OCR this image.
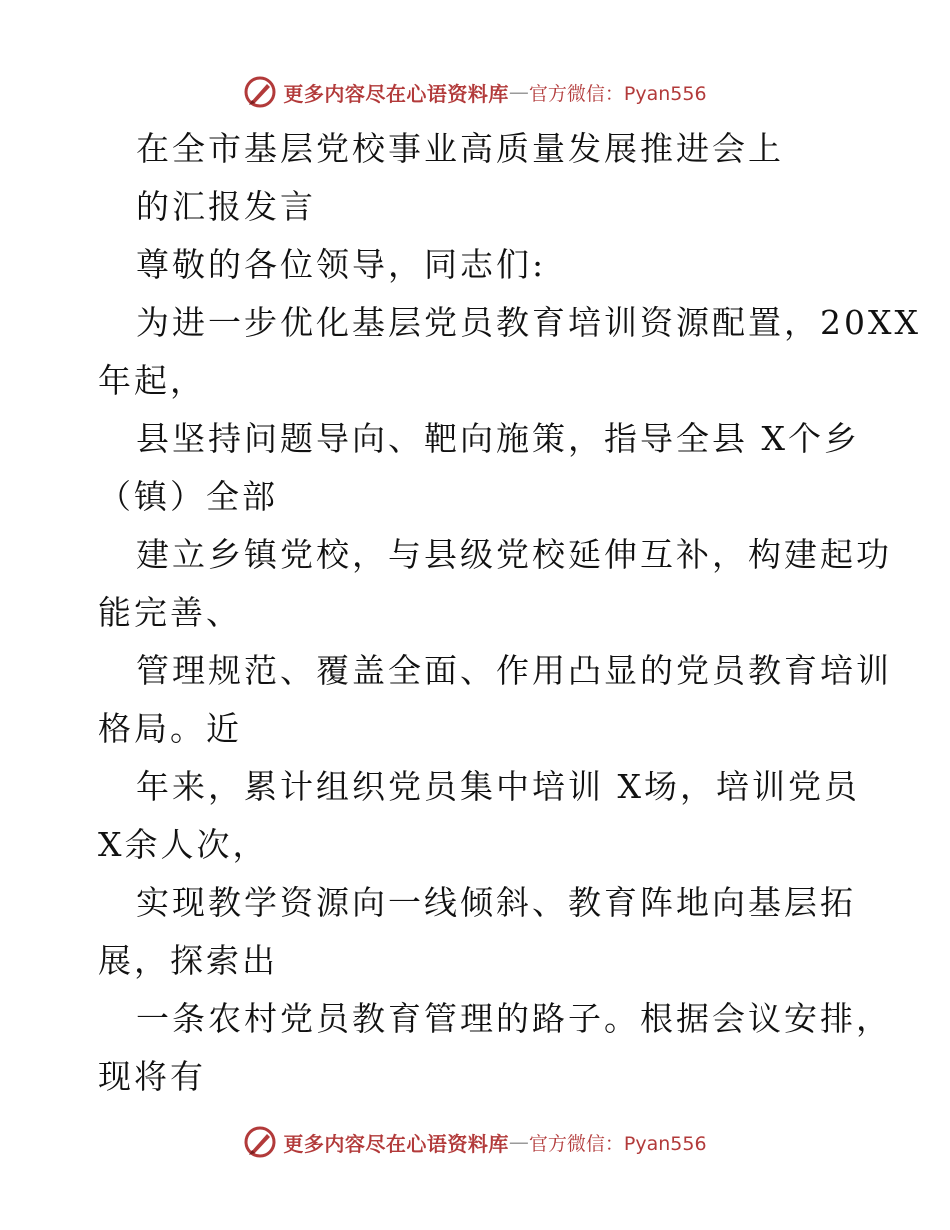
更多内容尽在心语资料库 — 官方微信：Pyan556
在全市基层党校事业高质量发展推进会上
的汇报发言
尊敬的各位领导，同志们:
为进一步优化基层党员教育培训资源配置，20XX
年起，
县坚持问题导向、靶向施策，指导全县 X个乡
（镇）全部
建立乡镇党校，与县级党校延伸互补，构建起功
能完善、
管理规范、覆盖全面、作用凸显的党员教育培训
格局。近
年来，累计组织党员集中培训 X场，培训党员
X余人次，
实现教学资源向一线倾斜、教育阵地向基层拓
展，探索出
一条农村党员教育管理的路子。根据会议安排，
现将有
更多内容尽在心语资料库 — 官方微信：Pyan556
